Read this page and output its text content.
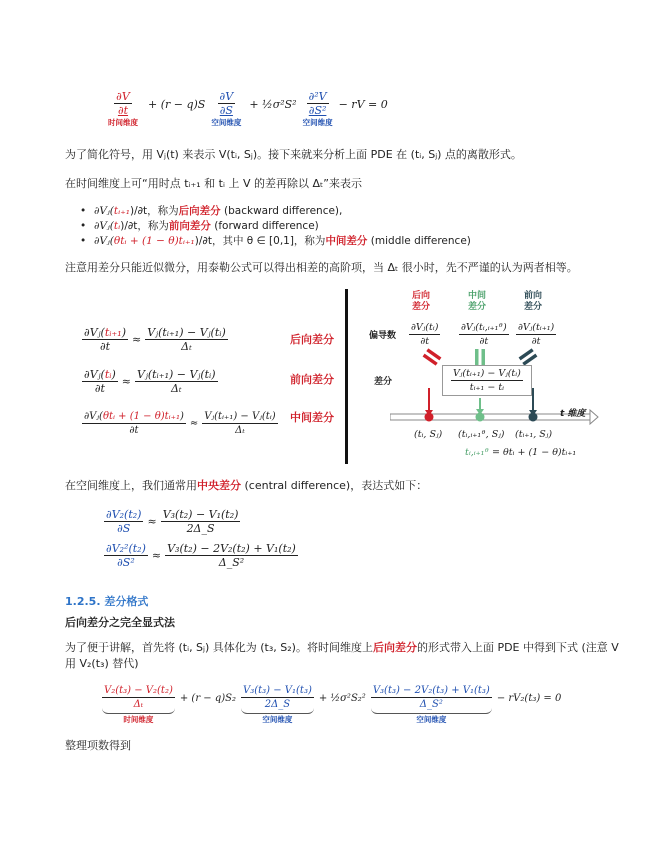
$\frac{\partial V}{\partial t}$
时间维度
+ $(r - q)S \frac{\partial V}{\partial S}$
空间维度
+ ½σ²S² $\frac{\text{∂²V}}{\text{∂S²}}$
空间维度
− rV = 0
为了简化符号，用 Vⱼ(t) 来表示 V(tᵢ, Sⱼ)。接下来就来分析上面 PDE 在 (tᵢ, Sⱼ) 点的离散形式。
在时间维度上可“用时点 tᵢ₊₁ 和 tᵢ 上 V 的差再除以 Δₜ”来表示
• ∂Vⱼ(tᵢ₊₁)/∂t，称为后向差分 (backward difference),
• ∂Vⱼ(tᵢ)/∂t，称为前向差分 (forward difference)
• ∂Vⱼ(θtᵢ + (1 − θ)tᵢ₊₁)/∂t，其中 θ ∈ [0,1]，称为中间差分 (middle difference)
注意用差分只能近似微分，用泰勒公式可以得出相差的高阶项，当 Δₜ 很小时，先不严谨的认为两者相等。
$\frac{\text{∂Vⱼ(tᵢ₊₁)}}{\partial t} \approx \frac{\text{Vⱼ(tᵢ₊₁) − Vⱼ(tᵢ)}}{\text{Δₜ}}$
$\frac{\text{∂Vⱼ(tᵢ)}}{\partial t} \approx \frac{\text{Vⱼ(tᵢ₊₁) − Vⱼ(tᵢ)}}{\text{Δₜ}}$
$\frac{\text{∂Vⱼ(θtᵢ + (1 − θ)tᵢ₊₁)}}{\partial t} \approx \frac{\text{Vⱼ(tᵢ₊₁) − Vⱼ(tᵢ)}}{\text{Δₜ}}$
后向差分
前向差分
中间差分
后向
差分
中间
差分
前向
差分
偏导数
差分
$\frac{\text{∂Vⱼ(tᵢ)}}{\partial t} \frac{\text{∂Vⱼ(tᵢ,ᵢ₊₁ᶿ)}}{\partial t} \frac{\text{∂Vⱼ(tᵢ₊₁)}}{\partial t}$
$\frac{\text{Vⱼ(tᵢ₊₁) − Vⱼ(tᵢ)}}{\text{tᵢ₊₁ − tᵢ}}$
t 维度
(tᵢ, Sⱼ) (tᵢ,ᵢ₊₁ᶿ, Sⱼ) (tᵢ₊₁, Sⱼ)
tᵢ,ᵢ₊₁ᶿ = θtᵢ + (1 − θ)tᵢ₊₁
在空间维度上，我们通常用中央差分 (central difference)，表达式如下：
$\frac{\text{∂V₂(t₂)}}{\partial S} \approx \frac{\text{V₃(t₂) − V₁(t₂)}}{2\Delta\_S}$
$\frac{\text{∂V₂²(t₂)}}{\text{∂S²}} \approx \frac{\text{V₃(t₂) − 2V₂(t₂) + V₁(t₂)}}{\text{Δ\_S²}}$
1.2.5. 差分格式
后向差分之完全显式法
为了便于讲解，首先将 (tᵢ, Sⱼ) 具体化为 (t₃, S₂)。将时间维度上后向差分的形式带入上面 PDE 中得到下式 (注意 V
用 V₂(t₃) 替代)
$\frac{\text{V₂(t₃) − V₂(t₂)}}{\text{Δₜ}}$
时间维度
+ $(r - q)S_2 \frac{\text{V₃(t₃) − V₁(t₃)}}{2\Delta\_S}$
空间维度
+ ½σ²S₂² $\frac{\text{V₃(t₃) − 2V₂(t₃) + V₁(t₃)}}{\text{Δ\_S²}}$
空间维度
− rV₂(t₃) = 0
整理项数得到
